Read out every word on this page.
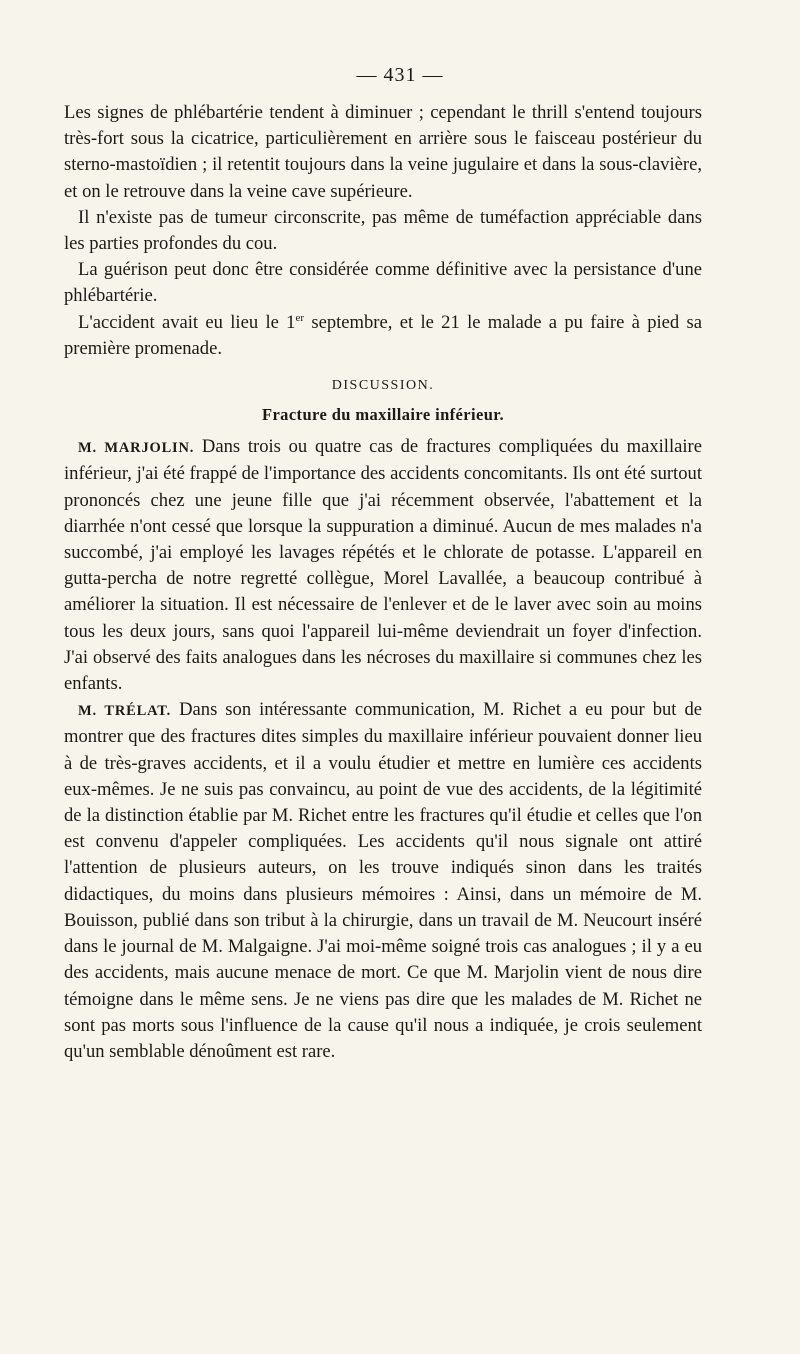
— 431 —

Les signes de phlébartérie tendent à diminuer ; cependant le thrill s'entend toujours très-fort sous la cicatrice, particulièrement en arrière sous le faisceau postérieur du sterno-mastoïdien ; il retentit toujours dans la veine jugulaire et dans la sous-clavière, et on le retrouve dans la veine cave supérieure.

Il n'existe pas de tumeur circonscrite, pas même de tuméfaction appréciable dans les parties profondes du cou.

La guérison peut donc être considérée comme définitive avec la persistance d'une phlébartérie.

L'accident avait eu lieu le 1er septembre, et le 21 le malade a pu faire à pied sa première promenade.

DISCUSSION.

Fracture du maxillaire inférieur.

M. MARJOLIN. Dans trois ou quatre cas de fractures compliquées du maxillaire inférieur, j'ai été frappé de l'importance des accidents concomitants. Ils ont été surtout prononcés chez une jeune fille que j'ai récemment observée, l'abattement et la diarrhée n'ont cessé que lorsque la suppuration a diminué. Aucun de mes malades n'a succombé, j'ai employé les lavages répétés et le chlorate de potasse. L'appareil en gutta-percha de notre regretté collègue, Morel Lavallée, a beaucoup contribué à améliorer la situation. Il est nécessaire de l'enlever et de le laver avec soin au moins tous les deux jours, sans quoi l'appareil lui-même deviendrait un foyer d'infection. J'ai observé des faits analogues dans les nécroses du maxillaire si communes chez les enfants.

M. TRÉLAT. Dans son intéressante communication, M. Richet a eu pour but de montrer que des fractures dites simples du maxillaire inférieur pouvaient donner lieu à de très-graves accidents, et il a voulu étudier et mettre en lumière ces accidents eux-mêmes. Je ne suis pas convaincu, au point de vue des accidents, de la légitimité de la distinction établie par M. Richet entre les fractures qu'il étudie et celles que l'on est convenu d'appeler compliquées. Les accidents qu'il nous signale ont attiré l'attention de plusieurs auteurs, on les trouve indiqués sinon dans les traités didactiques, du moins dans plusieurs mémoires : Ainsi, dans un mémoire de M. Bouisson, publié dans son tribut à la chirurgie, dans un travail de M. Neucourt inséré dans le journal de M. Malgaigne. J'ai moi-même soigné trois cas analogues ; il y a eu des accidents, mais aucune menace de mort. Ce que M. Marjolin vient de nous dire témoigne dans le même sens. Je ne viens pas dire que les malades de M. Richet ne sont pas morts sous l'influence de la cause qu'il nous a indiquée, je crois seulement qu'un semblable dénoûment est rare.
